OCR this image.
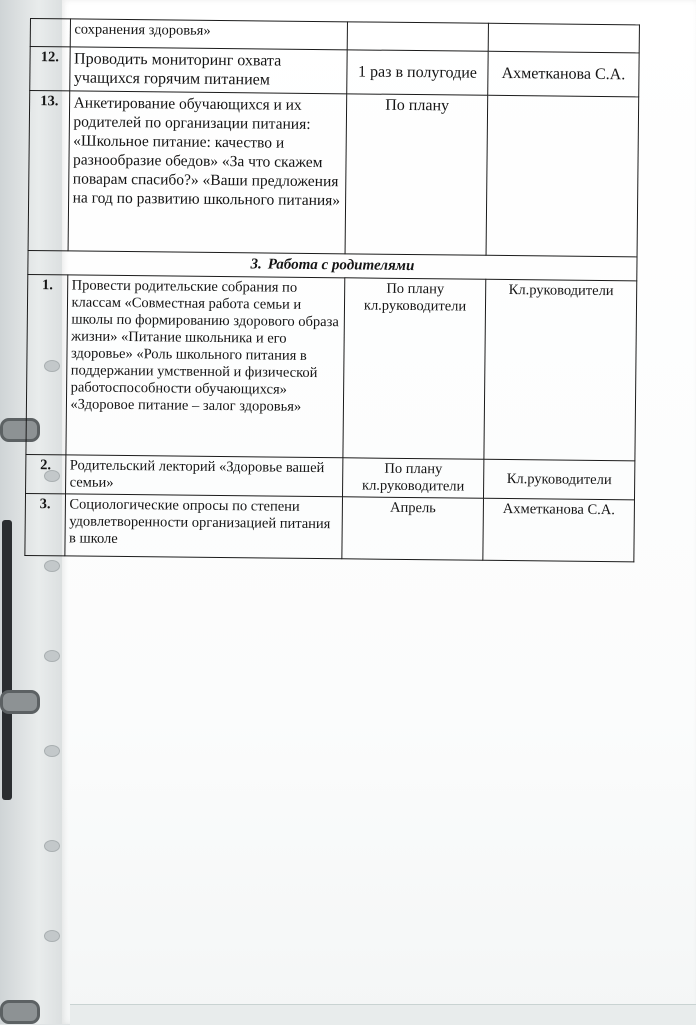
	сохранения здоровья»		
12.	Проводить мониторинг охвата учащихся горячим питанием	1 раз в полугодие	Ахметканова С.А.
13.	Анкетирование обучающихся и их родителей по организации питания: «Школьное питание: качество и разнообразие обедов» «За что скажем поварам спасибо?» «Ваши предложения на год по развитию школьного питания»	По плану	
3. Работа с родителями			
1.	Провести родительские собрания по классам «Совместная работа семьи и школы по формированию здорового образа жизни» «Питание школьника и его здоровье» «Роль школьного питания в поддержании умственной и физической работоспособности обучающихся» «Здоровое питание – залог здоровья»	По плану кл.руководители	Кл.руководители
2.	Родительский лекторий «Здоровье вашей семьи»	По плану кл.руководители	Кл.руководители
3.	Социологические опросы по степени удовлетворенности организацией питания в школе	Апрель	Ахметканова С.А.
